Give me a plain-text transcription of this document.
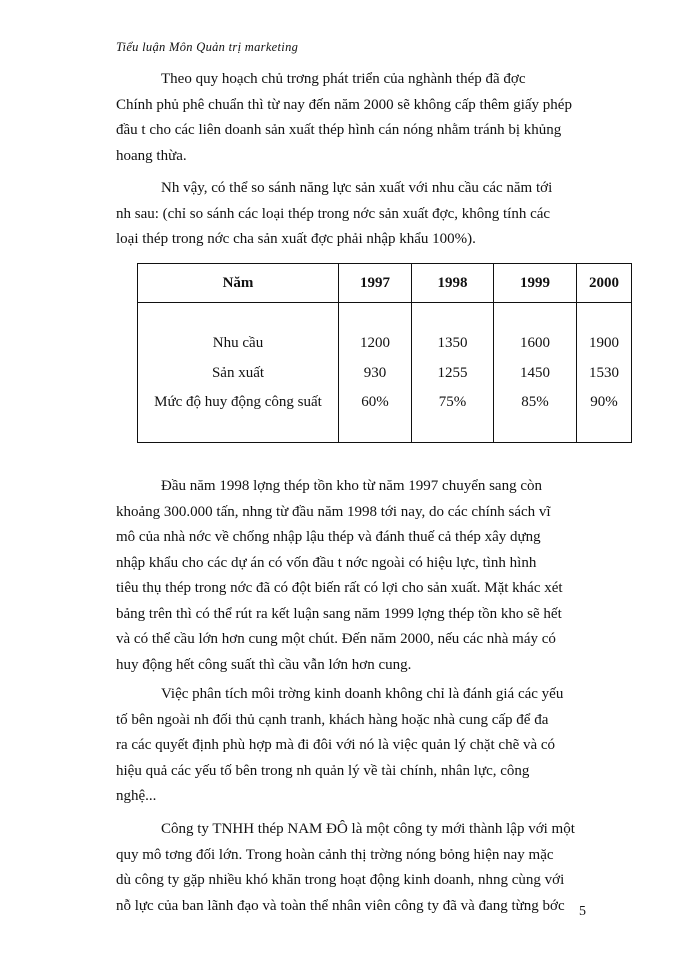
Tiểu luận Môn Quản trị marketing

Theo quy hoạch chủ trơng phát triển của nghành thép đã đợc
Chính phủ phê chuẩn thì từ nay đến năm 2000 sẽ không cấp thêm giấy phép
đầu t cho các liên doanh sản xuất thép hình cán nóng nhằm tránh bị khủng
hoang thừa.

Nh vậy, có thể so sánh năng lực sản xuất với nhu cầu các năm tới
nh sau: (chỉ so sánh các loại thép trong nớc sản xuất đợc, không tính các
loại thép trong nớc cha sản xuất đợc phải nhập khẩu 100%).

Năm	1997	1998	1999	2000

Nhu cầu	1200	1350	1600	1900
Sản xuất	930	1255	1450	1530
Mức độ huy động công suất	60%	75%	85%	90%

Đầu năm 1998 lợng thép tồn kho từ năm 1997 chuyển sang còn
khoảng 300.000 tấn, nhng từ đầu năm 1998 tới nay, do các chính sách vĩ
mô của nhà nớc về chống nhập lậu thép và đánh thuế cả thép xây dựng
nhập khẩu cho các dự án có vốn đầu t nớc ngoài có hiệu lực, tình hình
tiêu thụ thép trong nớc đã có đột biến rất có lợi cho sản xuất. Mặt khác xét
bảng trên thì có thể rút ra kết luận sang năm 1999 lợng thép tồn kho sẽ hết
và có thể cầu lớn hơn cung một chút. Đến năm 2000, nếu các nhà máy có
huy động hết công suất thì cầu vẫn lớn hơn cung.

Việc phân tích môi trờng kinh doanh không chỉ là đánh giá các yếu
tố bên ngoài nh đối thủ cạnh tranh, khách hàng hoặc nhà cung cấp để đa
ra các quyết định phù hợp mà đi đôi với nó là việc quản lý chặt chẽ và có
hiệu quả các yếu tố bên trong nh quản lý về tài chính, nhân lực, công
nghệ...

Công ty TNHH thép NAM ĐÔ là một công ty mới thành lập với một
quy mô tơng đối lớn. Trong hoàn cảnh thị trờng nóng bỏng hiện nay mặc
dù công ty gặp nhiều khó khăn trong hoạt động kinh doanh, nhng cùng với
nỗ lực của ban lãnh đạo và toàn thể nhân viên công ty đã và đang từng bớc	5
